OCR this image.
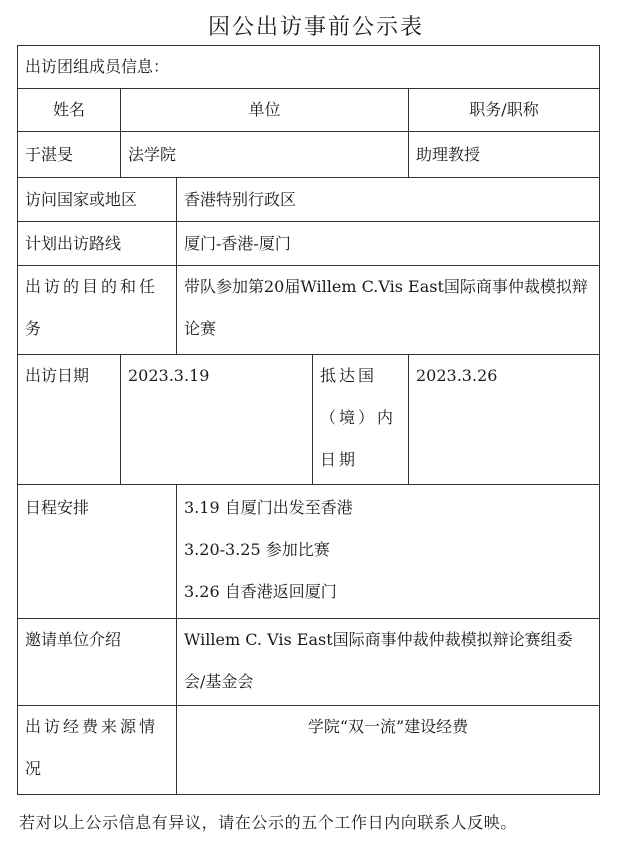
因公出访事前公示表
出访团组成员信息：				
姓名	单位			职务/职称
于湛旻	法学院			助理教授
访问国家或地区		香港特别行政区		
计划出访路线		厦门-香港-厦门		
出访的目的和任务		带队参加第20届Willem C.Vis East国际商事仲裁模拟辩论赛		
出访日期	2023.3.19		抵达国（境）内日期	2023.3.26
日程安排		3.19 自厦门出发至香港
3.20-3.25 参加比赛
3.26 自香港返回厦门		

邀请单位介绍		Willem C. Vis East国际商事仲裁仲裁模拟辩论赛组委会/基金会		
出访经费来源情况		学院“双一流”建设经费		
若对以上公示信息有异议，请在公示的五个工作日内向联系人反映。
